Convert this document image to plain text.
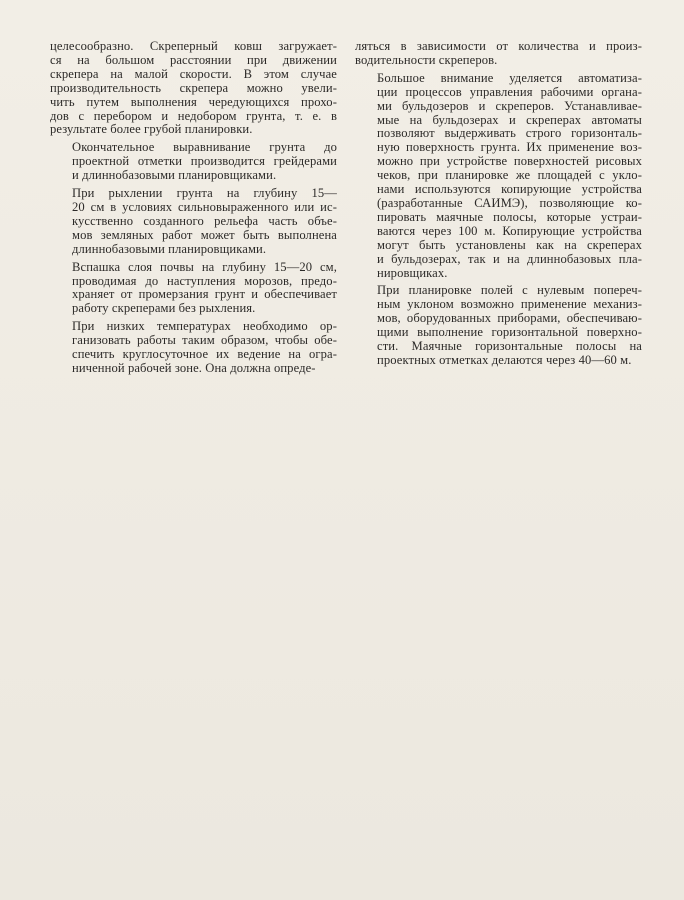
целесообразно. Скреперный ковш загружает-
ся на большом расстоянии при движении
скрепера на малой скорости. В этом случае
производительность скрепера можно увели-
чить путем выполнения чередующихся прохо-
дов с перебором и недобором грунта, т. е. в
результате более грубой планировки.

Окончательное выравнивание грунта до
проектной отметки производится грейдерами
и длиннобазовыми планировщиками.

При рыхлении грунта на глубину 15—
20 см в условиях сильновыраженного или ис-
кусственно созданного рельефа часть объе-
мов земляных работ может быть выполнена
длиннобазовыми планировщиками.

Вспашка слоя почвы на глубину 15—20 см,
проводимая до наступления морозов, предо-
храняет от промерзания грунт и обеспечивает
работу скреперами без рыхления.

При низких температурах необходимо ор-
ганизовать работы таким образом, чтобы обе-
спечить круглосуточное их ведение на огра-
ниченной рабочей зоне. Она должна опреде-

ляться в зависимости от количества и произ-
водительности скреперов.

Большое внимание уделяется автоматиза-
ции процессов управления рабочими органа-
ми бульдозеров и скреперов. Устанавливае-
мые на бульдозерах и скреперах автоматы
позволяют выдерживать строго горизонталь-
ную поверхность грунта. Их применение воз-
можно при устройстве поверхностей рисовых
чеков, при планировке же площадей с укло-
нами используются копирующие устройства
(разработанные САИМЭ), позволяющие ко-
пировать маячные полосы, которые устраи-
ваются через 100 м. Копирующие устройства
могут быть установлены как на скреперах
и бульдозерах, так и на длиннобазовых пла-
нировщиках.

При планировке полей с нулевым попереч-
ным уклоном возможно применение механиз-
мов, оборудованных приборами, обеспечиваю-
щими выполнение горизонтальной поверхно-
сти. Маячные горизонтальные полосы на
проектных отметках делаются через 40—60 м.
